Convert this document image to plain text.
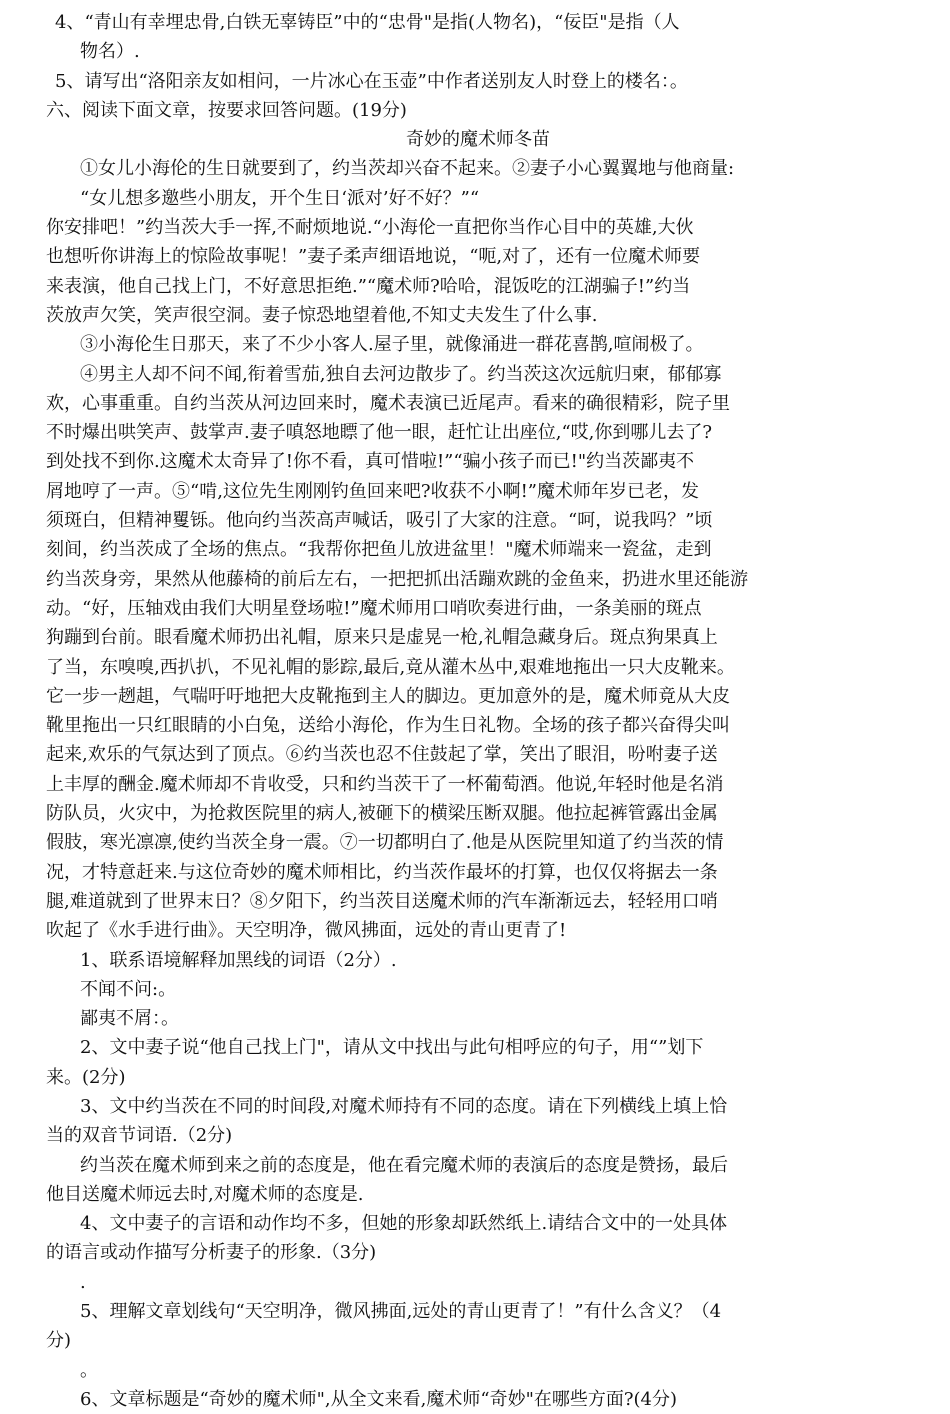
4、“青山有幸埋忠骨,白铁无辜铸臣”中的“忠骨"是指(人物名)，“佞臣"是指（人
物名）.
5、请写出“洛阳亲友如相问，一片冰心在玉壶”中作者送别友人时登上的楼名：。
六、阅读下面文章，按要求回答问题。(19分)
奇妙的魔术师冬苗
①女儿小海伦的生日就要到了，约当茨却兴奋不起来。②妻子小心翼翼地与他商量:
“女儿想多邀些小朋友，开个生日‘派对’好不好？”“
你安排吧！”约当茨大手一挥,不耐烦地说.“小海伦一直把你当作心目中的英雄,大伙
也想听你讲海上的惊险故事呢！”妻子柔声细语地说，“呃,对了，还有一位魔术师要
来表演，他自己找上门，不好意思拒绝.”“魔术师?哈哈，混饭吃的江湖骗子!”约当
茨放声欠笑，笑声很空洞。妻子惊恐地望着他,不知丈夫发生了什么事.
③小海伦生日那天，来了不少小客人.屋子里，就像涌进一群花喜鹊,喧闹极了。
④男主人却不问不闻,衔着雪茄,独自去河边散步了。约当茨这次远航归柬，郁郁寡
欢，心事重重。自约当茨从河边回来时，魔术表演已近尾声。看来的确很精彩，院子里
不时爆出哄笑声、鼓掌声.妻子嗔怒地瞟了他一眼，赶忙让出座位,“哎,你到哪儿去了?
到处找不到你.这魔术太奇异了!你不看，真可惜啦!”“骗小孩子而已!"约当茨鄙夷不
屑地哼了一声。⑤“啃,这位先生刚刚钓鱼回来吧?收获不小啊!”魔术师年岁已老，发
须斑白，但精神矍铄。他向约当茨高声喊话，吸引了大家的注意。“呵，说我吗？”顷
刻间，约当茨成了全场的焦点。“我帮你把鱼儿放进盆里！"魔术师端来一瓷盆，走到
约当茨身旁，果然从他藤椅的前后左右，一把把抓出活蹦欢跳的金鱼来，扔进水里还能游
动。“好，压轴戏由我们大明星登场啦!”魔术师用口哨吹奏进行曲，一条美丽的斑点
狗蹦到台前。眼看魔术师扔出礼帽，原来只是虚晃一枪,礼帽急藏身后。斑点狗果真上
了当，东嗅嗅,西扒扒，不见礼帽的影踪,最后,竟从灌木丛中,艰难地拖出一只大皮靴来。
它一步一趔趄，气喘吁吁地把大皮靴拖到主人的脚边。更加意外的是，魔术师竟从大皮
靴里拖出一只红眼睛的小白兔，送给小海伦，作为生日礼物。全场的孩子都兴奋得尖叫
起来,欢乐的气氛达到了顶点。⑥约当茨也忍不住鼓起了掌，笑出了眼泪，吩咐妻子送
上丰厚的酬金.魔术师却不肯收受，只和约当茨干了一杯葡萄酒。他说,年轻时他是名消
防队员，火灾中，为抢救医院里的病人,被砸下的横梁压断双腿。他拉起裤管露出金属
假肢，寒光凛凛,使约当茨全身一震。⑦一切都明白了.他是从医院里知道了约当茨的情
况，才特意赶来.与这位奇妙的魔术师相比，约当茨作最坏的打算，也仅仅将据去一条
腿,难道就到了世界末日？⑧夕阳下，约当茨目送魔术师的汽车渐渐远去，轻轻用口哨
吹起了《水手进行曲》。天空明净，微风拂面，远处的青山更青了!
1、联系语境解释加黑线的词语（2分）.
不闻不问:。
鄙夷不屑：。
2、文中妻子说“他自己找上门"，请从文中找出与此句相呼应的句子，用“”划下
来。(2分)
3、文中约当茨在不同的时间段,对魔术师持有不同的态度。请在下列横线上填上恰
当的双音节词语.（2分)
约当茨在魔术师到来之前的态度是，他在看完魔术师的表演后的态度是赞扬，最后
他目送魔术师远去时,对魔术师的态度是.
4、文中妻子的言语和动作均不多，但她的形象却跃然纸上.请结合文中的一处具体
的语言或动作描写分析妻子的形象.（3分)
.
5、理解文章划线句“天空明净，微风拂面,远处的青山更青了！”有什么含义？（4
分)
。
6、文章标题是“奇妙的魔术师",从全文来看,魔术师“奇妙"在哪些方面?(4分)
